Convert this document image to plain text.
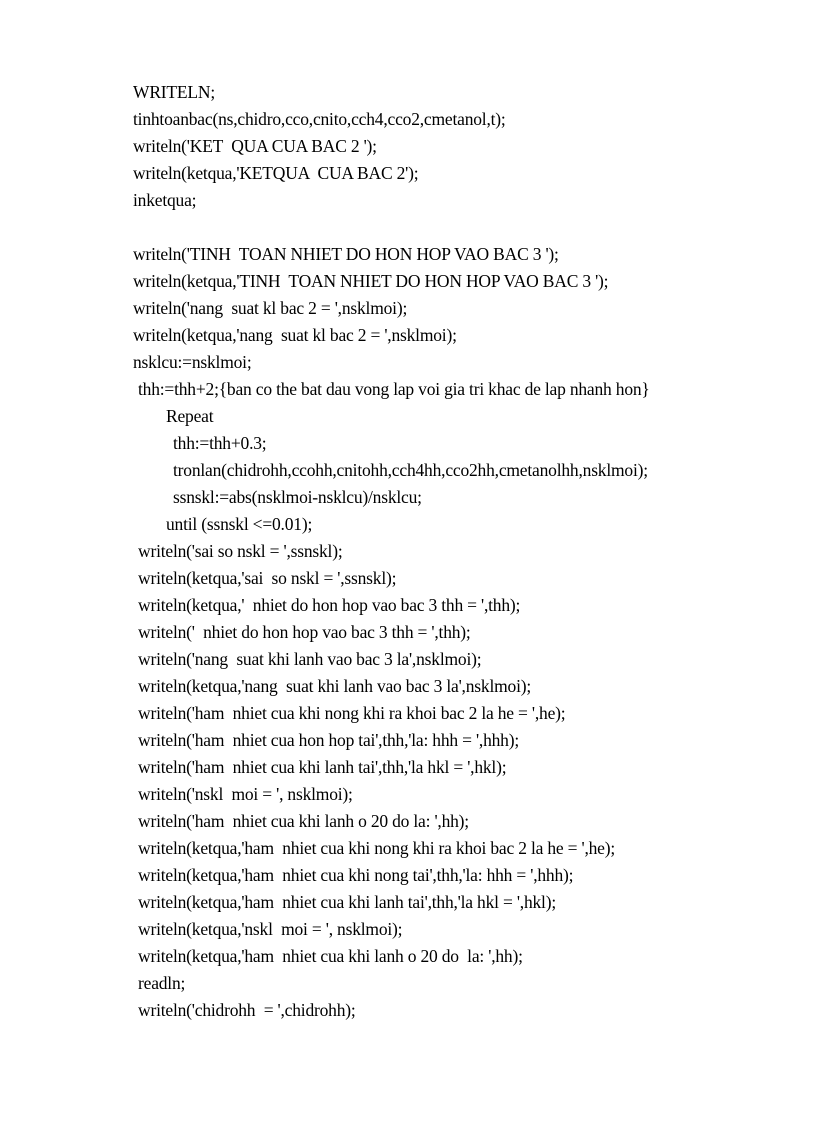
WRITELN;
tinhtoanbac(ns,chidro,cco,cnito,cch4,cco2,cmetanol,t);
writeln('KET  QUA CUA BAC 2 ');
writeln(ketqua,'KETQUA  CUA BAC 2');
inketqua;
writeln('TINH  TOAN NHIET DO HON HOP VAO BAC 3 ');
writeln(ketqua,'TINH  TOAN NHIET DO HON HOP VAO BAC 3 ');
writeln('nang  suat kl bac 2 = ',nsklmoi);
writeln(ketqua,'nang  suat kl bac 2 = ',nsklmoi);
nsklcu:=nsklmoi;
thh:=thh+2;{ban co the bat dau vong lap voi gia tri khac de lap nhanh hon}
Repeat
thh:=thh+0.3;
tronlan(chidrohh,ccohh,cnitohh,cch4hh,cco2hh,cmetanolhh,nsklmoi);
ssnskl:=abs(nsklmoi-nsklcu)/nsklcu;
until (ssnskl <=0.01);
writeln('sai so nskl = ',ssnskl);
writeln(ketqua,'sai  so nskl = ',ssnskl);
writeln(ketqua,'  nhiet do hon hop vao bac 3 thh = ',thh);
writeln('  nhiet do hon hop vao bac 3 thh = ',thh);
writeln('nang  suat khi lanh vao bac 3 la',nsklmoi);
writeln(ketqua,'nang  suat khi lanh vao bac 3 la',nsklmoi);
writeln('ham  nhiet cua khi nong khi ra khoi bac 2 la he = ',he);
writeln('ham  nhiet cua hon hop tai',thh,'la: hhh = ',hhh);
writeln('ham  nhiet cua khi lanh tai',thh,'la hkl = ',hkl);
writeln('nskl  moi = ', nsklmoi);
writeln('ham  nhiet cua khi lanh o 20 do la: ',hh);
writeln(ketqua,'ham  nhiet cua khi nong khi ra khoi bac 2 la he = ',he);
writeln(ketqua,'ham  nhiet cua khi nong tai',thh,'la: hhh = ',hhh);
writeln(ketqua,'ham  nhiet cua khi lanh tai',thh,'la hkl = ',hkl);
writeln(ketqua,'nskl  moi = ', nsklmoi);
writeln(ketqua,'ham  nhiet cua khi lanh o 20 do  la: ',hh);
readln;
writeln('chidrohh  = ',chidrohh);
